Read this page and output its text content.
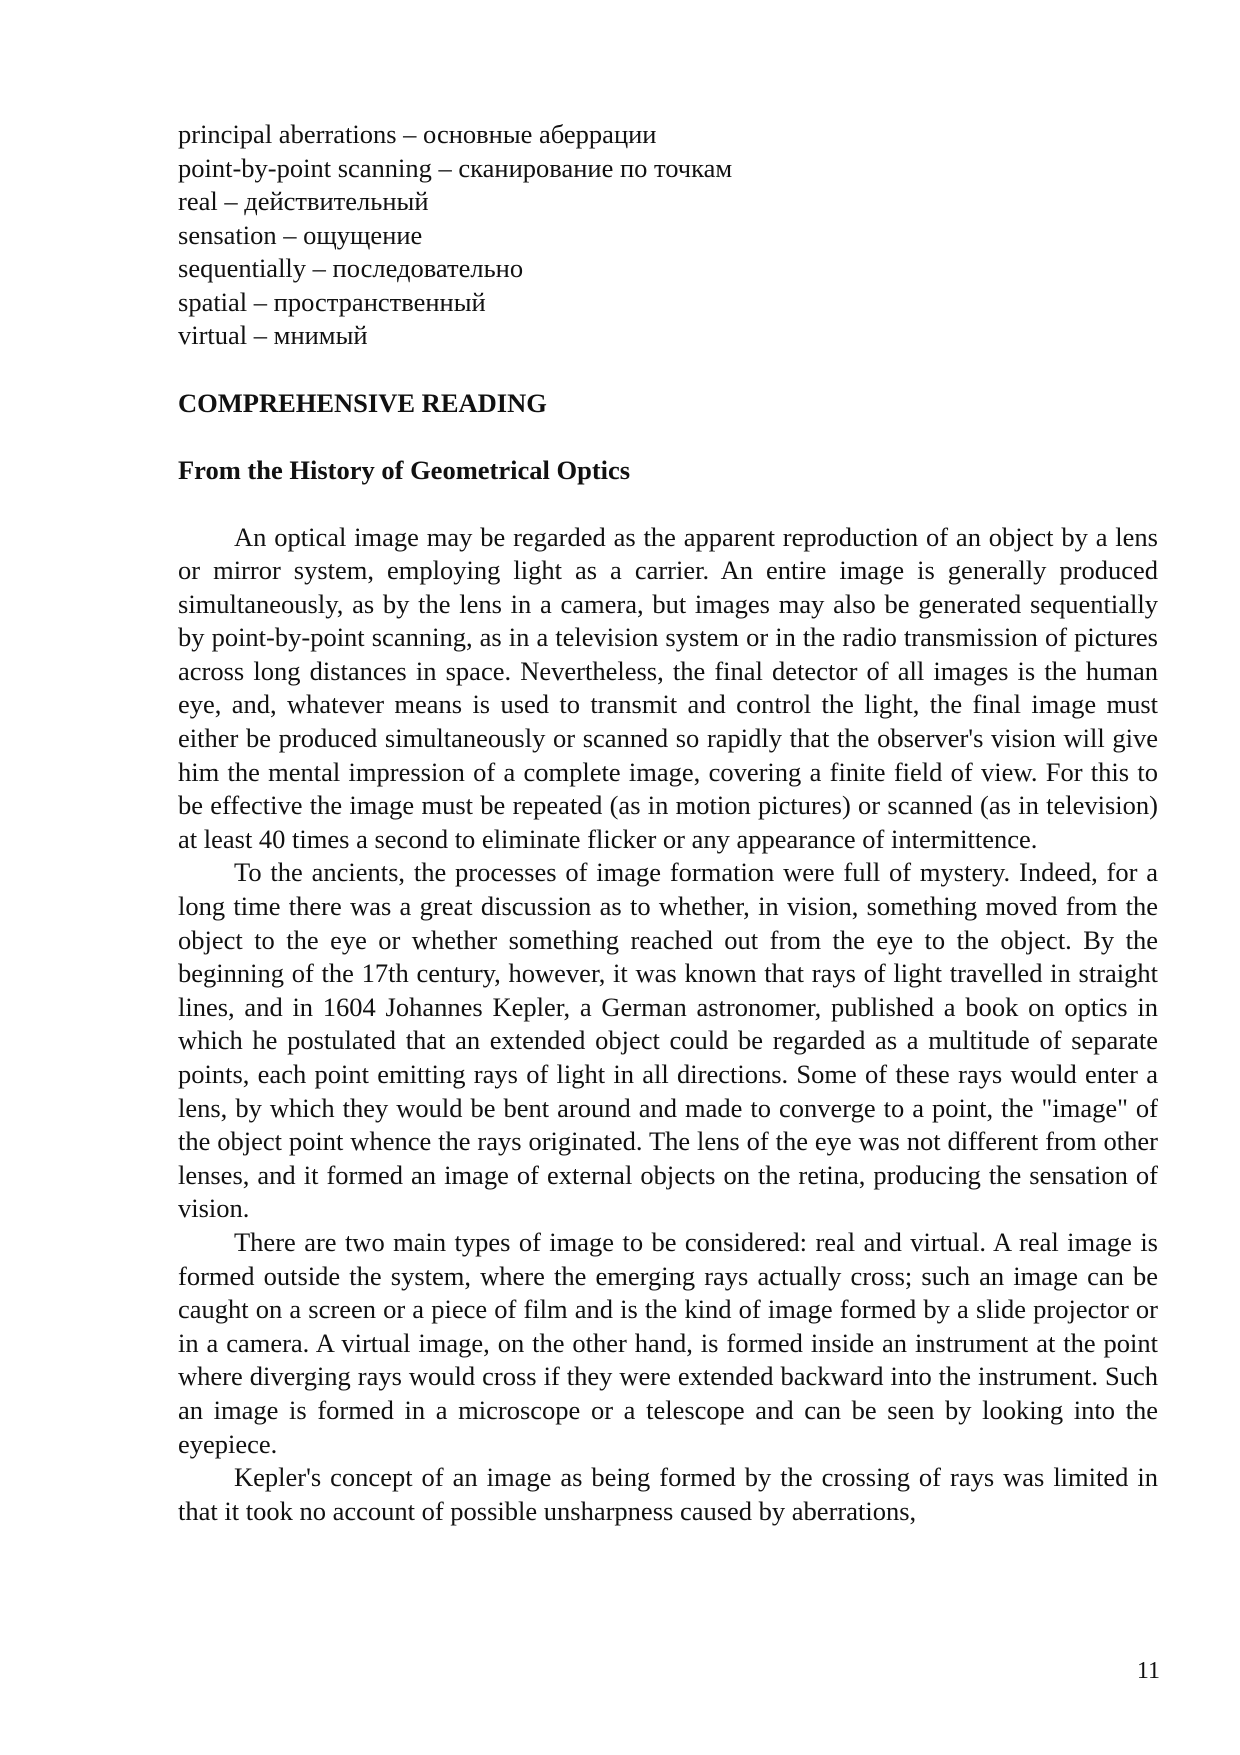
principal aberrations – основные аберрации
point-by-point scanning – сканирование по точкам
real – действительный
sensation – ощущение
sequentially – последовательно
spatial – пространственный
virtual – мнимый
COMPREHENSIVE READING
From the History of Geometrical Optics

An optical image may be regarded as the apparent reproduction of an object by a lens or mirror system, employing light as a carrier. An entire image is generally produced simultaneously, as by the lens in a camera, but images may also be generated sequentially by point-by-point scanning, as in a television system or in the radio transmission of pictures across long distances in space. Nevertheless, the final detector of all images is the human eye, and, whatever means is used to transmit and control the light, the final image must either be produced simultaneously or scanned so rapidly that the observer's vision will give him the mental impression of a complete image, covering a finite field of view. For this to be effective the image must be repeated (as in motion pictures) or scanned (as in television) at least 40 times a second to eliminate flicker or any appearance of intermittence.

To the ancients, the processes of image formation were full of mystery. Indeed, for a long time there was a great discussion as to whether, in vision, something moved from the object to the eye or whether something reached out from the eye to the object. By the beginning of the 17th century, however, it was known that rays of light travelled in straight lines, and in 1604 Johannes Kepler, a German astronomer, published a book on optics in which he postulated that an extended object could be regarded as a multitude of separate points, each point emitting rays of light in all directions. Some of these rays would enter a lens, by which they would be bent around and made to converge to a point, the "image" of the object point whence the rays originated. The lens of the eye was not different from other lenses, and it formed an image of external objects on the retina, producing the sensation of vision.

There are two main types of image to be considered: real and virtual. A real image is formed outside the system, where the emerging rays actually cross; such an image can be caught on a screen or a piece of film and is the kind of image formed by a slide projector or in a camera. A virtual image, on the other hand, is formed inside an instrument at the point where diverging rays would cross if they were extended backward into the instrument. Such an image is formed in a microscope or a telescope and can be seen by looking into the eyepiece.

Kepler's concept of an image as being formed by the crossing of rays was limited in that it took no account of possible unsharpness caused by aberrations,

11
